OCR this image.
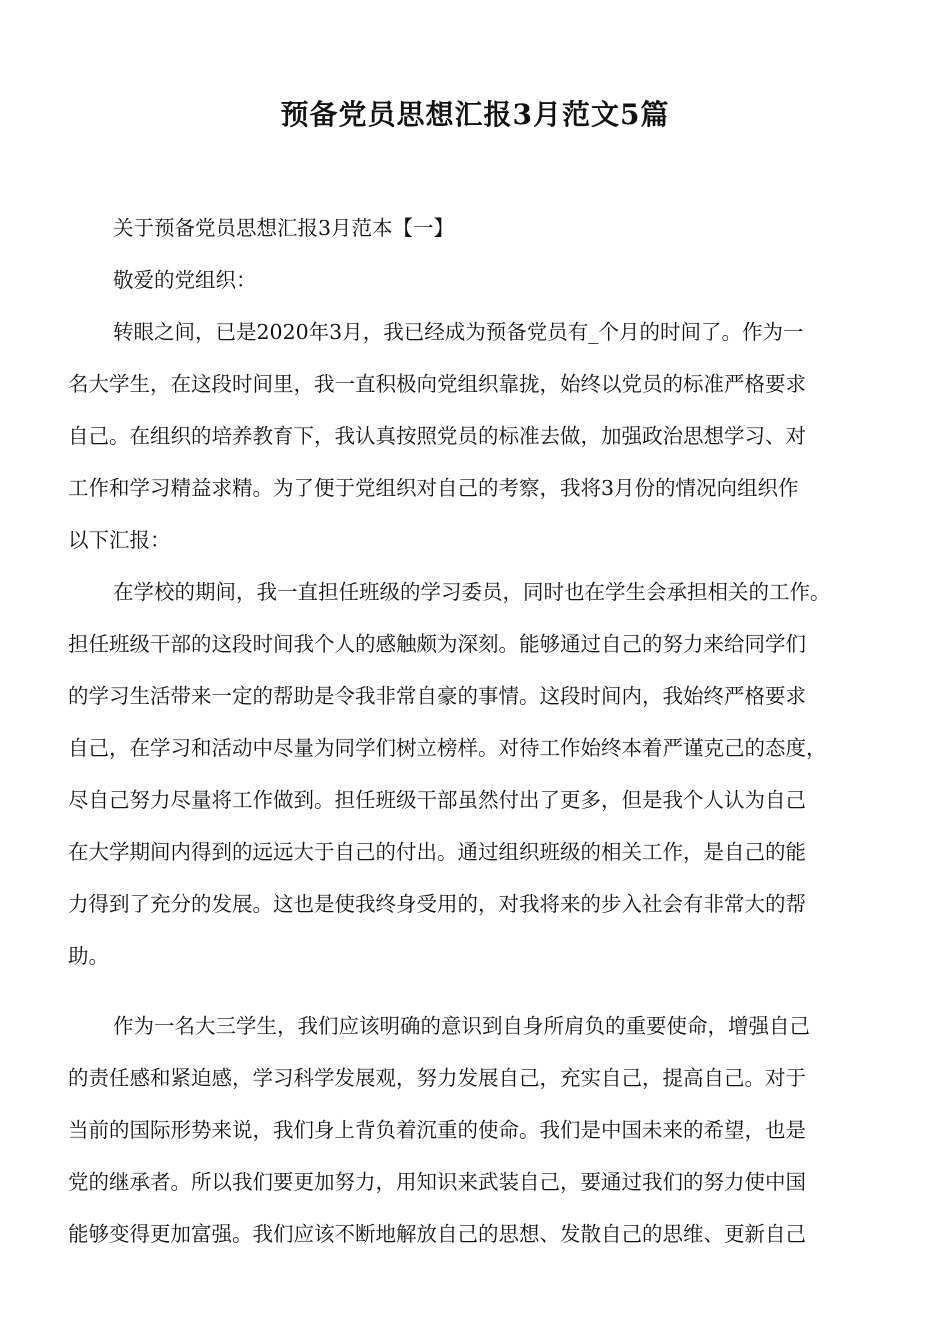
预备党员思想汇报3月范文5篇
关于预备党员思想汇报3月范本【一】
敬爱的党组织：
转眼之间，已是2020年3月，我已经成为预备党员有_个月的时间了。作为一
名大学生，在这段时间里，我一直积极向党组织靠拢，始终以党员的标准严格要求
自己。在组织的培养教育下，我认真按照党员的标准去做，加强政治思想学习、对
工作和学习精益求精。为了便于党组织对自己的考察，我将3月份的情况向组织作
以下汇报：
在学校的期间，我一直担任班级的学习委员，同时也在学生会承担相关的工作。
担任班级干部的这段时间我个人的感触颇为深刻。能够通过自己的努力来给同学们
的学习生活带来一定的帮助是令我非常自豪的事情。这段时间内，我始终严格要求
自己，在学习和活动中尽量为同学们树立榜样。对待工作始终本着严谨克己的态度，
尽自己努力尽量将工作做到。担任班级干部虽然付出了更多，但是我个人认为自己
在大学期间内得到的远远大于自己的付出。通过组织班级的相关工作，是自己的能
力得到了充分的发展。这也是使我终身受用的，对我将来的步入社会有非常大的帮
助。
作为一名大三学生，我们应该明确的意识到自身所肩负的重要使命，增强自己
的责任感和紧迫感，学习科学发展观，努力发展自己，充实自己，提高自己。对于
当前的国际形势来说，我们身上背负着沉重的使命。我们是中国未来的希望，也是
党的继承者。所以我们要更加努力，用知识来武装自己，要通过我们的努力使中国
能够变得更加富强。我们应该不断地解放自己的思想、发散自己的思维、更新自己
